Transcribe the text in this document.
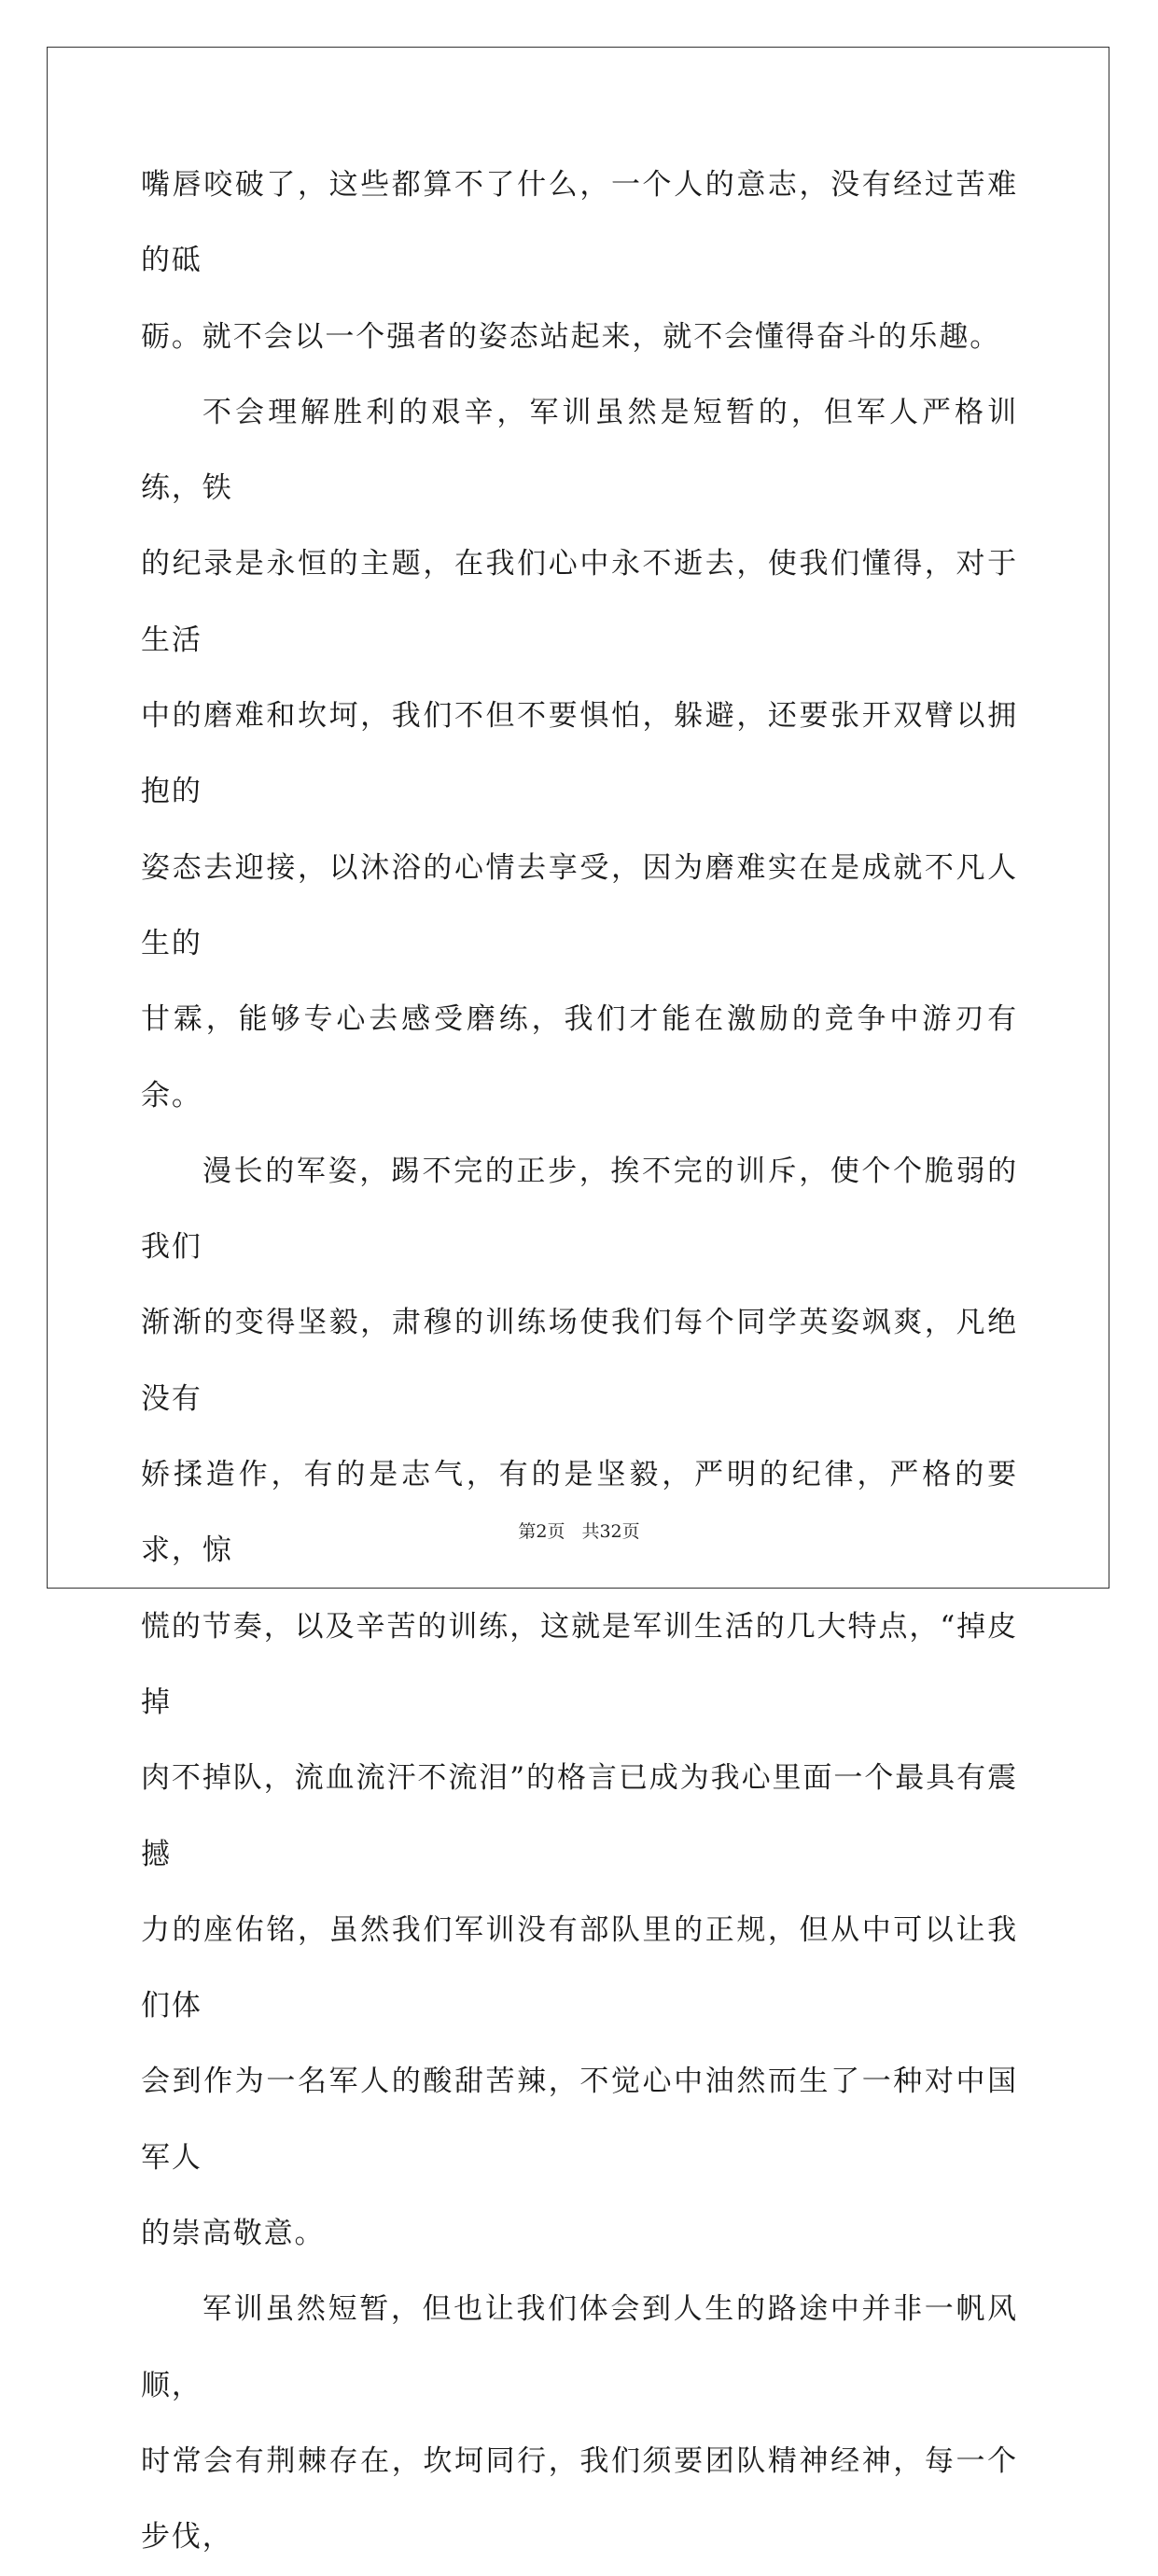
嘴唇咬破了，这些都算不了什么，一个人的意志，没有经过苦难的砥
砺。就不会以一个强者的姿态站起来，就不会懂得奋斗的乐趣。

不会理解胜利的艰辛，军训虽然是短暂的，但军人严格训练，铁
的纪录是永恒的主题，在我们心中永不逝去，使我们懂得，对于生活
中的磨难和坎坷，我们不但不要惧怕，躲避，还要张开双臂以拥抱的
姿态去迎接，以沐浴的心情去享受，因为磨难实在是成就不凡人生的
甘霖，能够专心去感受磨练，我们才能在激励的竞争中游刃有余。

漫长的军姿，踢不完的正步，挨不完的训斥，使个个脆弱的我们
渐渐的变得坚毅，肃穆的训练场使我们每个同学英姿飒爽，凡绝没有
娇揉造作，有的是志气，有的是坚毅，严明的纪律，严格的要求，惊
慌的节奏，以及辛苦的训练，这就是军训生活的几大特点，“掉皮掉
肉不掉队，流血流汗不流泪”的格言已成为我心里面一个最具有震撼
力的座佑铭，虽然我们军训没有部队里的正规，但从中可以让我们体
会到作为一名军人的酸甜苦辣，不觉心中油然而生了一种对中国军人
的崇高敬意。

军训虽然短暂，但也让我们体会到人生的路途中并非一帆风顺，
时常会有荆棘存在，坎坷同行，我们须要团队精神经神，每一个步伐，

第2页 共32页
